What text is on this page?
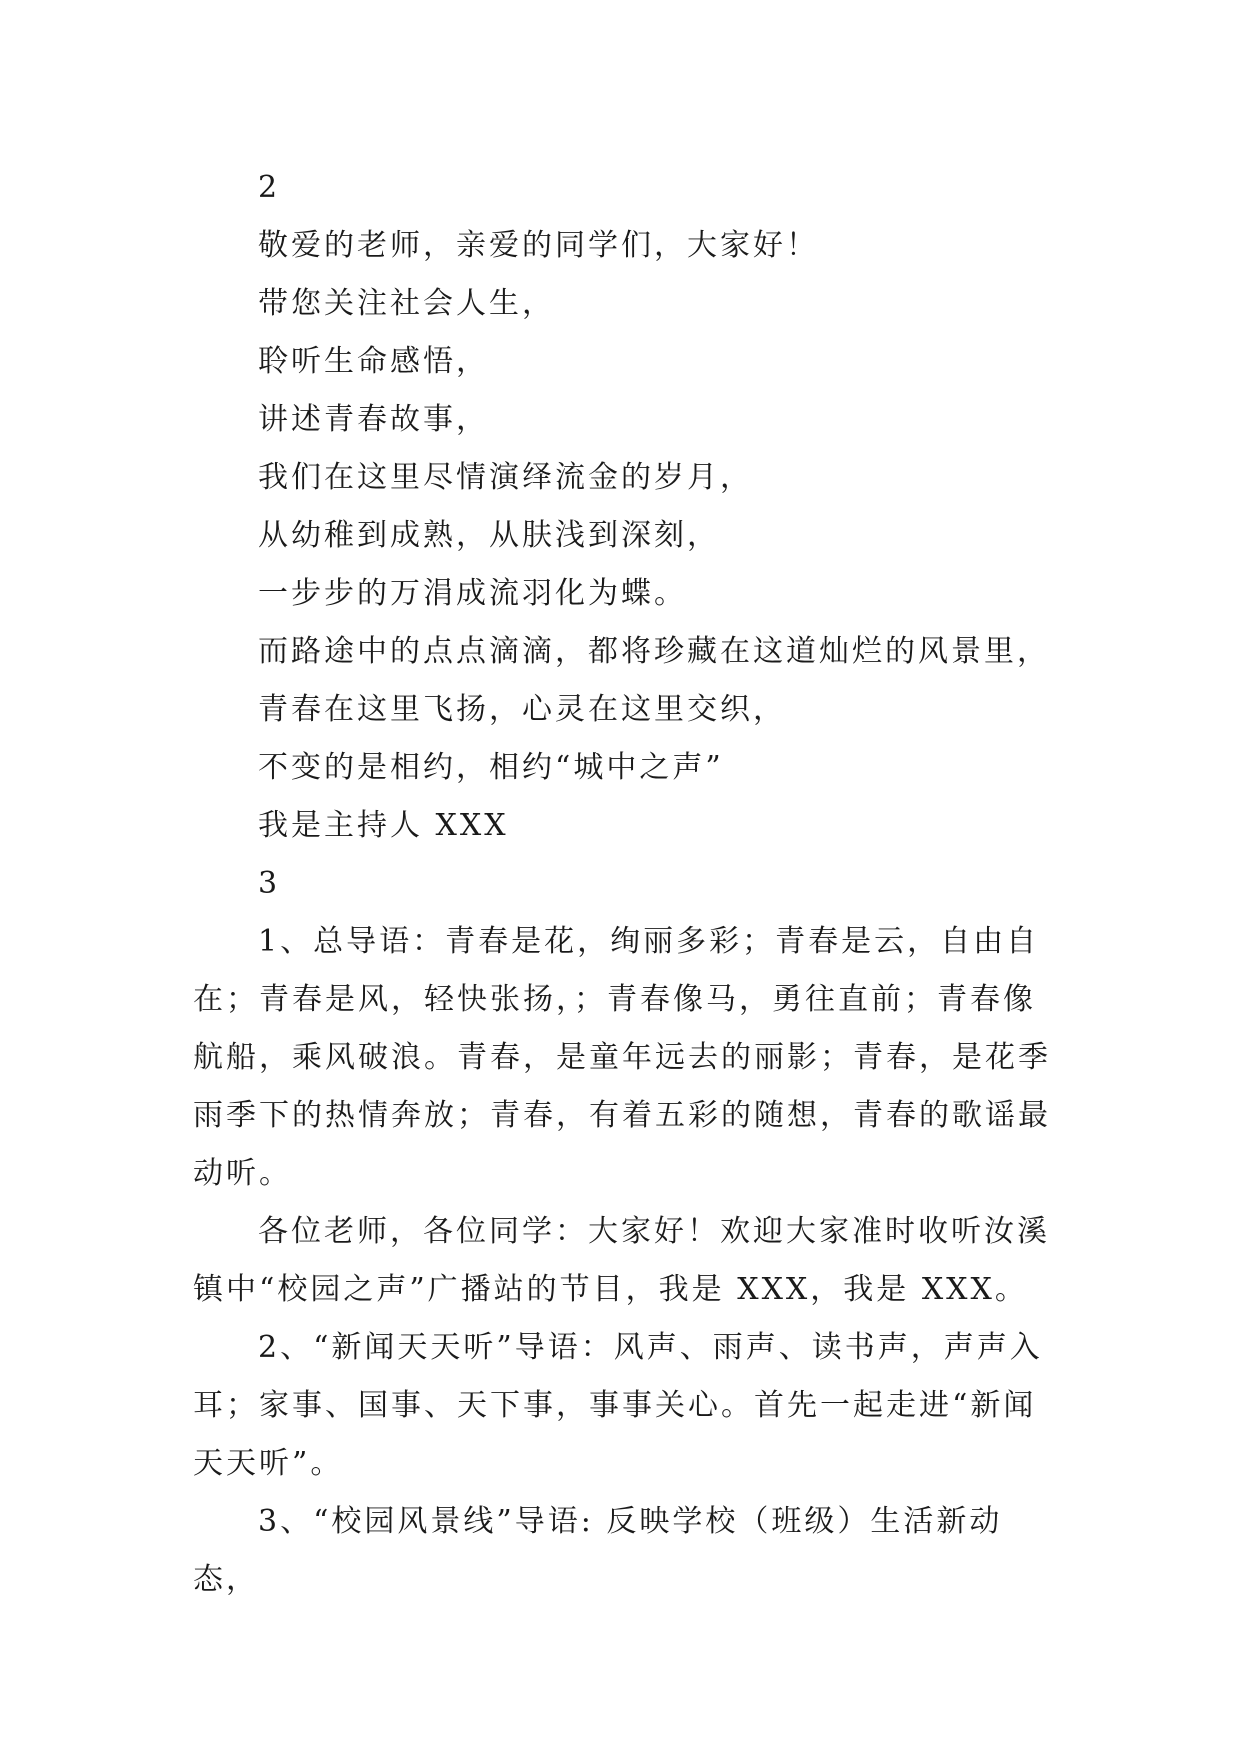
2
敬爱的老师，亲爱的同学们，大家好！
带您关注社会人生，
聆听生命感悟，
讲述青春故事，
我们在这里尽情演绎流金的岁月，
从幼稚到成熟，从肤浅到深刻，
一步步的万涓成流羽化为蝶。
而路途中的点点滴滴，都将珍藏在这道灿烂的风景里，
青春在这里飞扬，心灵在这里交织，
不变的是相约，相约“城中之声”
我是主持人 XXX
3
1、总导语：青春是花，绚丽多彩；青春是云，自由自在；青春是风，轻快张扬，；青春像马，勇往直前；青春像航船，乘风破浪。青春，是童年远去的丽影；青春，是花季雨季下的热情奔放；青春，有着五彩的随想，青春的歌谣最动听。
各位老师，各位同学：大家好！欢迎大家准时收听汝溪镇中“校园之声”广播站的节目，我是 XXX，我是 XXX。
2、“新闻天天听”导语：风声、雨声、读书声，声声入耳；家事、国事、天下事，事事关心。首先一起走进“新闻天天听”。
3、“校园风景线”导语: 反映学校（班级）生活新动态，
